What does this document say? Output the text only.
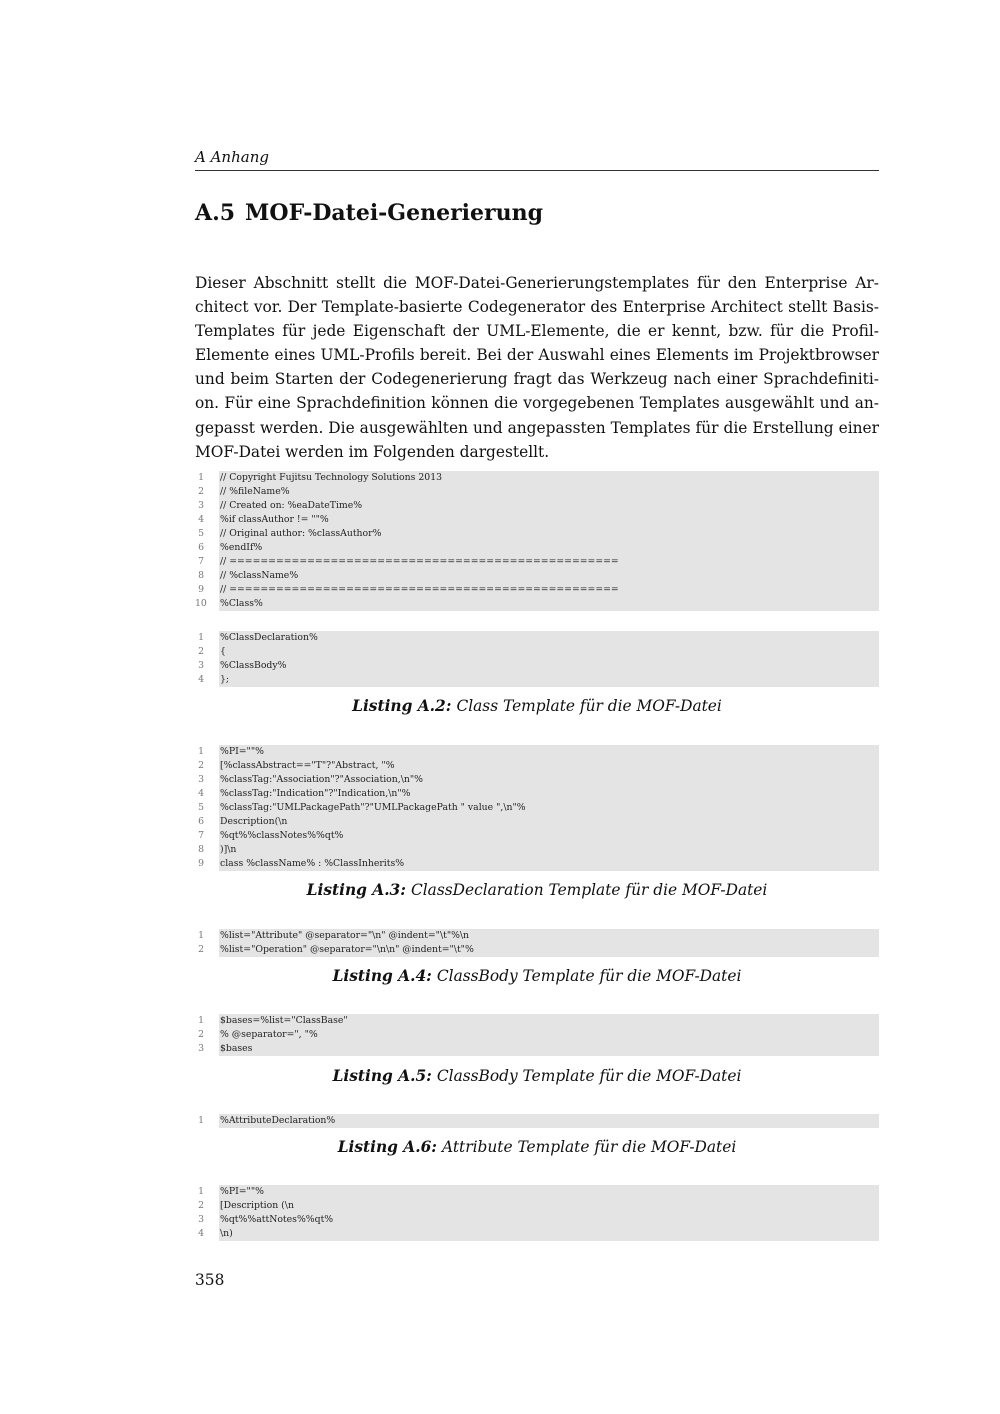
A Anhang
A.5 MOF-Datei-Generierung

Dieser Abschnitt stellt die MOF-Datei-Generierungstemplates für den Enterprise Ar- chitect vor. Der Template-basierte Codegenerator des Enterprise Architect stellt Basis- Templates für jede Eigenschaft der UML-Elemente, die er kennt, bzw. für die Profil- Elemente eines UML-Profils bereit. Bei der Auswahl eines Elements im Projektbrowser und beim Starten der Codegenerierung fragt das Werkzeug nach einer Sprachdefiniti- on. Für eine Sprachdefinition können die vorgegebenen Templates ausgewählt und an- gepasst werden. Die ausgewählten und angepassten Templates für die Erstellung einer MOF-Datei werden im Folgenden dargestellt.

1 // Copyright Fujitsu Technology Solutions 2013
2 // %fileName%
3 // Created on: %eaDateTime%
4 %if classAuthor != ""%
5 // Original author: %classAuthor%
6 %endIf%
7 // ==================================================
8 // %className%
9 // ==================================================
10 %Class%
1 %ClassDeclaration%
2 {
3 %ClassBody%
4 };
Listing A.2: Class Template für die MOF-Datei
1 %PI=""%
2 [%classAbstract=="T"?"Abstract, "%
3 %classTag:"Association"?"Association,\n"%
4 %classTag:"Indication"?"Indication,\n"%
5 %classTag:"UMLPackagePath"?"UMLPackagePath " value ",\n"%
6 Description(\n
7 %qt%%classNotes%%qt%
8 )]\n
9 class %className% : %ClassInherits%
Listing A.3: ClassDeclaration Template für die MOF-Datei
1 %list="Attribute" @separator="\n" @indent="\t"%\n
2 %list="Operation" @separator="\n\n" @indent="\t"%
Listing A.4: ClassBody Template für die MOF-Datei
1 $bases=%list="ClassBase"
2 % @separator=", "%
3 $bases
Listing A.5: ClassBody Template für die MOF-Datei
1 %AttributeDeclaration%
Listing A.6: Attribute Template für die MOF-Datei
1 %PI=""%
2 [Description (\n
3 %qt%%attNotes%%qt%
4 \n)
358
